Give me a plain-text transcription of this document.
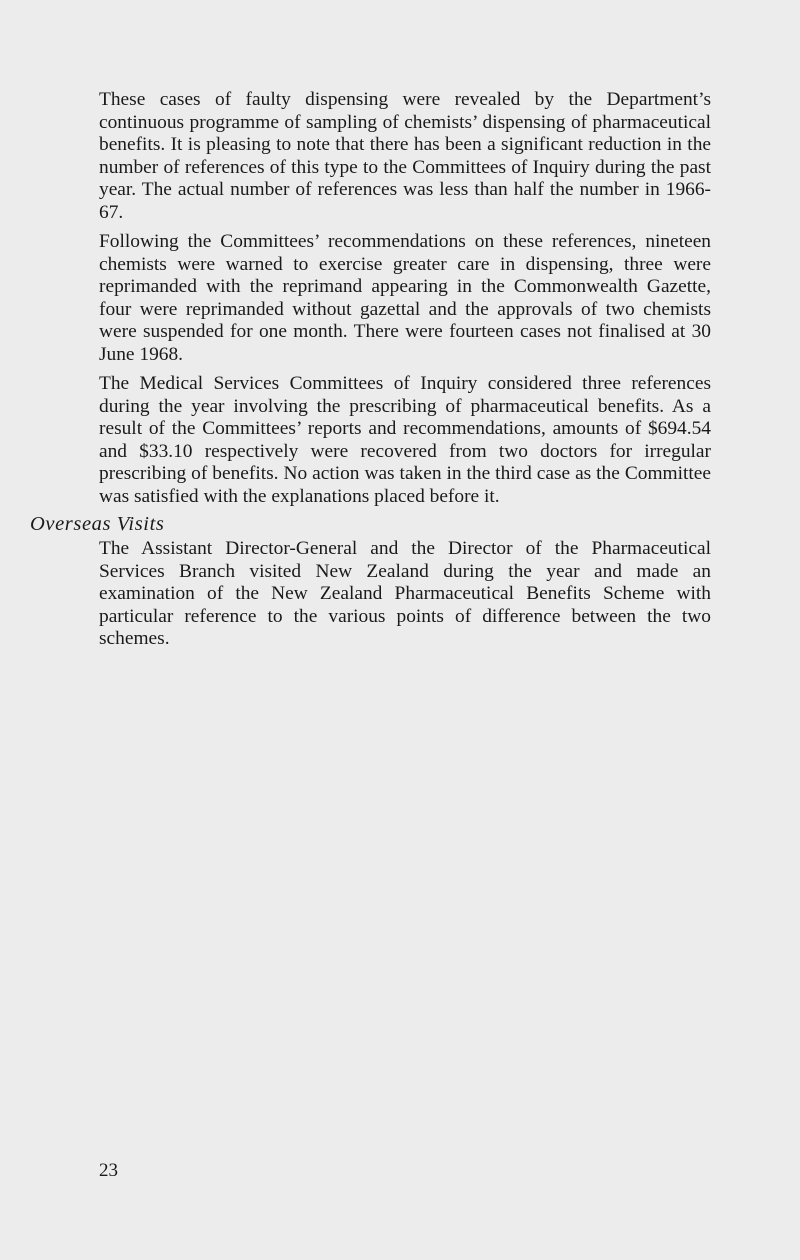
These cases of faulty dispensing were revealed by the Department’s continuous programme of sampling of chemists’ dispensing of pharmaceutical benefits. It is pleasing to note that there has been a significant reduction in the number of references of this type to the Committees of Inquiry during the past year. The actual number of references was less than half the number in 1966-67.

Following the Committees’ recommendations on these references, nineteen chemists were warned to exercise greater care in dispensing, three were reprimanded with the reprimand appearing in the Commonwealth Gazette, four were reprimanded without gazettal and the approvals of two chemists were suspended for one month. There were fourteen cases not finalised at 30 June 1968.

The Medical Services Committees of Inquiry considered three references during the year involving the prescribing of pharmaceutical benefits. As a result of the Committees’ reports and recommendations, amounts of $694.54 and $33.10 respectively were recovered from two doctors for irregular prescribing of benefits. No action was taken in the third case as the Committee was satisfied with the explanations placed before it.

Overseas Visits

The Assistant Director-General and the Director of the Pharmaceutical Services Branch visited New Zealand during the year and made an examination of the New Zealand Pharmaceutical Benefits Scheme with particular reference to the various points of difference between the two schemes.

23
